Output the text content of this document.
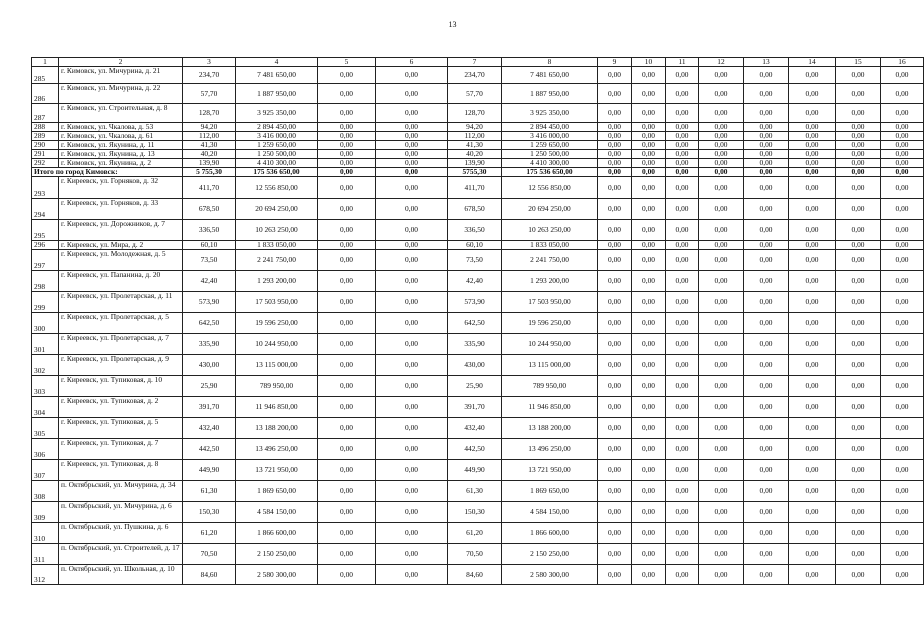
13
1	2	3	4	5	6	7	8	9	10	11	12	13	14	15	16
285	г. Кимовск, ул. Мичурина, д. 21	234,70	7 481 650,00	0,00	0,00	234,70	7 481 650,00	0,00	0,00	0,00	0,00	0,00	0,00	0,00	0,00
286	г. Кимовск, ул. Мичурина, д. 22	57,70	1 887 950,00	0,00	0,00	57,70	1 887 950,00	0,00	0,00	0,00	0,00	0,00	0,00	0,00	0,00
287	г. Кимовск, ул. Строительная, д. 8	128,70	3 925 350,00	0,00	0,00	128,70	3 925 350,00	0,00	0,00	0,00	0,00	0,00	0,00	0,00	0,00
288	г. Кимовск, ул. Чкалова, д. 53	94,20	2 894 450,00	0,00	0,00	94,20	2 894 450,00	0,00	0,00	0,00	0,00	0,00	0,00	0,00	0,00
289	г. Кимовск, ул. Чкалова, д. 61	112,00	3 416 000,00	0,00	0,00	112,00	3 416 000,00	0,00	0,00	0,00	0,00	0,00	0,00	0,00	0,00
290	г. Кимовск, ул. Якунина, д. 11	41,30	1 259 650,00	0,00	0,00	41,30	1 259 650,00	0,00	0,00	0,00	0,00	0,00	0,00	0,00	0,00
291	г. Кимовск, ул. Якунина, д. 13	40,20	1 250 500,00	0,00	0,00	40,20	1 250 500,00	0,00	0,00	0,00	0,00	0,00	0,00	0,00	0,00
292	г. Кимовск, ул. Якунина, д. 2	139,90	4 410 300,00	0,00	0,00	139,90	4 410 300,00	0,00	0,00	0,00	0,00	0,00	0,00	0,00	0,00
Итого по город Кимовск:		5 755,30	175 536 650,00	0,00	0,00	5755,30	175 536 650,00	0,00	0,00	0,00	0,00	0,00	0,00	0,00	0,00
293	г. Киреевск, ул. Горняков, д. 32	411,70	12 556 850,00	0,00	0,00	411,70	12 556 850,00	0,00	0,00	0,00	0,00	0,00	0,00	0,00	0,00
294	г. Киреевск, ул. Горняков, д. 33	678,50	20 694 250,00	0,00	0,00	678,50	20 694 250,00	0,00	0,00	0,00	0,00	0,00	0,00	0,00	0,00
295	г. Киреевск, ул. Дорожников, д. 7	336,50	10 263 250,00	0,00	0,00	336,50	10 263 250,00	0,00	0,00	0,00	0,00	0,00	0,00	0,00	0,00
296	г. Киреевск, ул. Мира, д. 2	60,10	1 833 050,00	0,00	0,00	60,10	1 833 050,00	0,00	0,00	0,00	0,00	0,00	0,00	0,00	0,00
297	г. Киреевск, ул. Молодежная, д. 5	73,50	2 241 750,00	0,00	0,00	73,50	2 241 750,00	0,00	0,00	0,00	0,00	0,00	0,00	0,00	0,00
298	г. Киреевск, ул. Папанина, д. 20	42,40	1 293 200,00	0,00	0,00	42,40	1 293 200,00	0,00	0,00	0,00	0,00	0,00	0,00	0,00	0,00
299	г. Киреевск, ул. Пролетарская, д. 11	573,90	17 503 950,00	0,00	0,00	573,90	17 503 950,00	0,00	0,00	0,00	0,00	0,00	0,00	0,00	0,00
300	г. Киреевск, ул. Пролетарская, д. 5	642,50	19 596 250,00	0,00	0,00	642,50	19 596 250,00	0,00	0,00	0,00	0,00	0,00	0,00	0,00	0,00
301	г. Киреевск, ул. Пролетарская, д. 7	335,90	10 244 950,00	0,00	0,00	335,90	10 244 950,00	0,00	0,00	0,00	0,00	0,00	0,00	0,00	0,00
302	г. Киреевск, ул. Пролетарская, д. 9	430,00	13 115 000,00	0,00	0,00	430,00	13 115 000,00	0,00	0,00	0,00	0,00	0,00	0,00	0,00	0,00
303	г. Киреевск, ул. Тупиковая, д. 10	25,90	789 950,00	0,00	0,00	25,90	789 950,00	0,00	0,00	0,00	0,00	0,00	0,00	0,00	0,00
304	г. Киреевск, ул. Тупиковая, д. 2	391,70	11 946 850,00	0,00	0,00	391,70	11 946 850,00	0,00	0,00	0,00	0,00	0,00	0,00	0,00	0,00
305	г. Киреевск, ул. Тупиковая, д. 5	432,40	13 188 200,00	0,00	0,00	432,40	13 188 200,00	0,00	0,00	0,00	0,00	0,00	0,00	0,00	0,00
306	г. Киреевск, ул. Тупиковая, д. 7	442,50	13 496 250,00	0,00	0,00	442,50	13 496 250,00	0,00	0,00	0,00	0,00	0,00	0,00	0,00	0,00
307	г. Киреевск, ул. Тупиковая, д. 8	449,90	13 721 950,00	0,00	0,00	449,90	13 721 950,00	0,00	0,00	0,00	0,00	0,00	0,00	0,00	0,00
308	п. Октябрьский, ул. Мичурина, д. 34	61,30	1 869 650,00	0,00	0,00	61,30	1 869 650,00	0,00	0,00	0,00	0,00	0,00	0,00	0,00	0,00
309	п. Октябрьский, ул. Мичурина, д. 6	150,30	4 584 150,00	0,00	0,00	150,30	4 584 150,00	0,00	0,00	0,00	0,00	0,00	0,00	0,00	0,00
310	п. Октябрьский, ул. Пушкина, д. 6	61,20	1 866 600,00	0,00	0,00	61,20	1 866 600,00	0,00	0,00	0,00	0,00	0,00	0,00	0,00	0,00
311	п. Октябрьский, ул. Строителей, д. 17	70,50	2 150 250,00	0,00	0,00	70,50	2 150 250,00	0,00	0,00	0,00	0,00	0,00	0,00	0,00	0,00
312	п. Октябрьский, ул. Школьная, д. 10	84,60	2 580 300,00	0,00	0,00	84,60	2 580 300,00	0,00	0,00	0,00	0,00	0,00	0,00	0,00	0,00
